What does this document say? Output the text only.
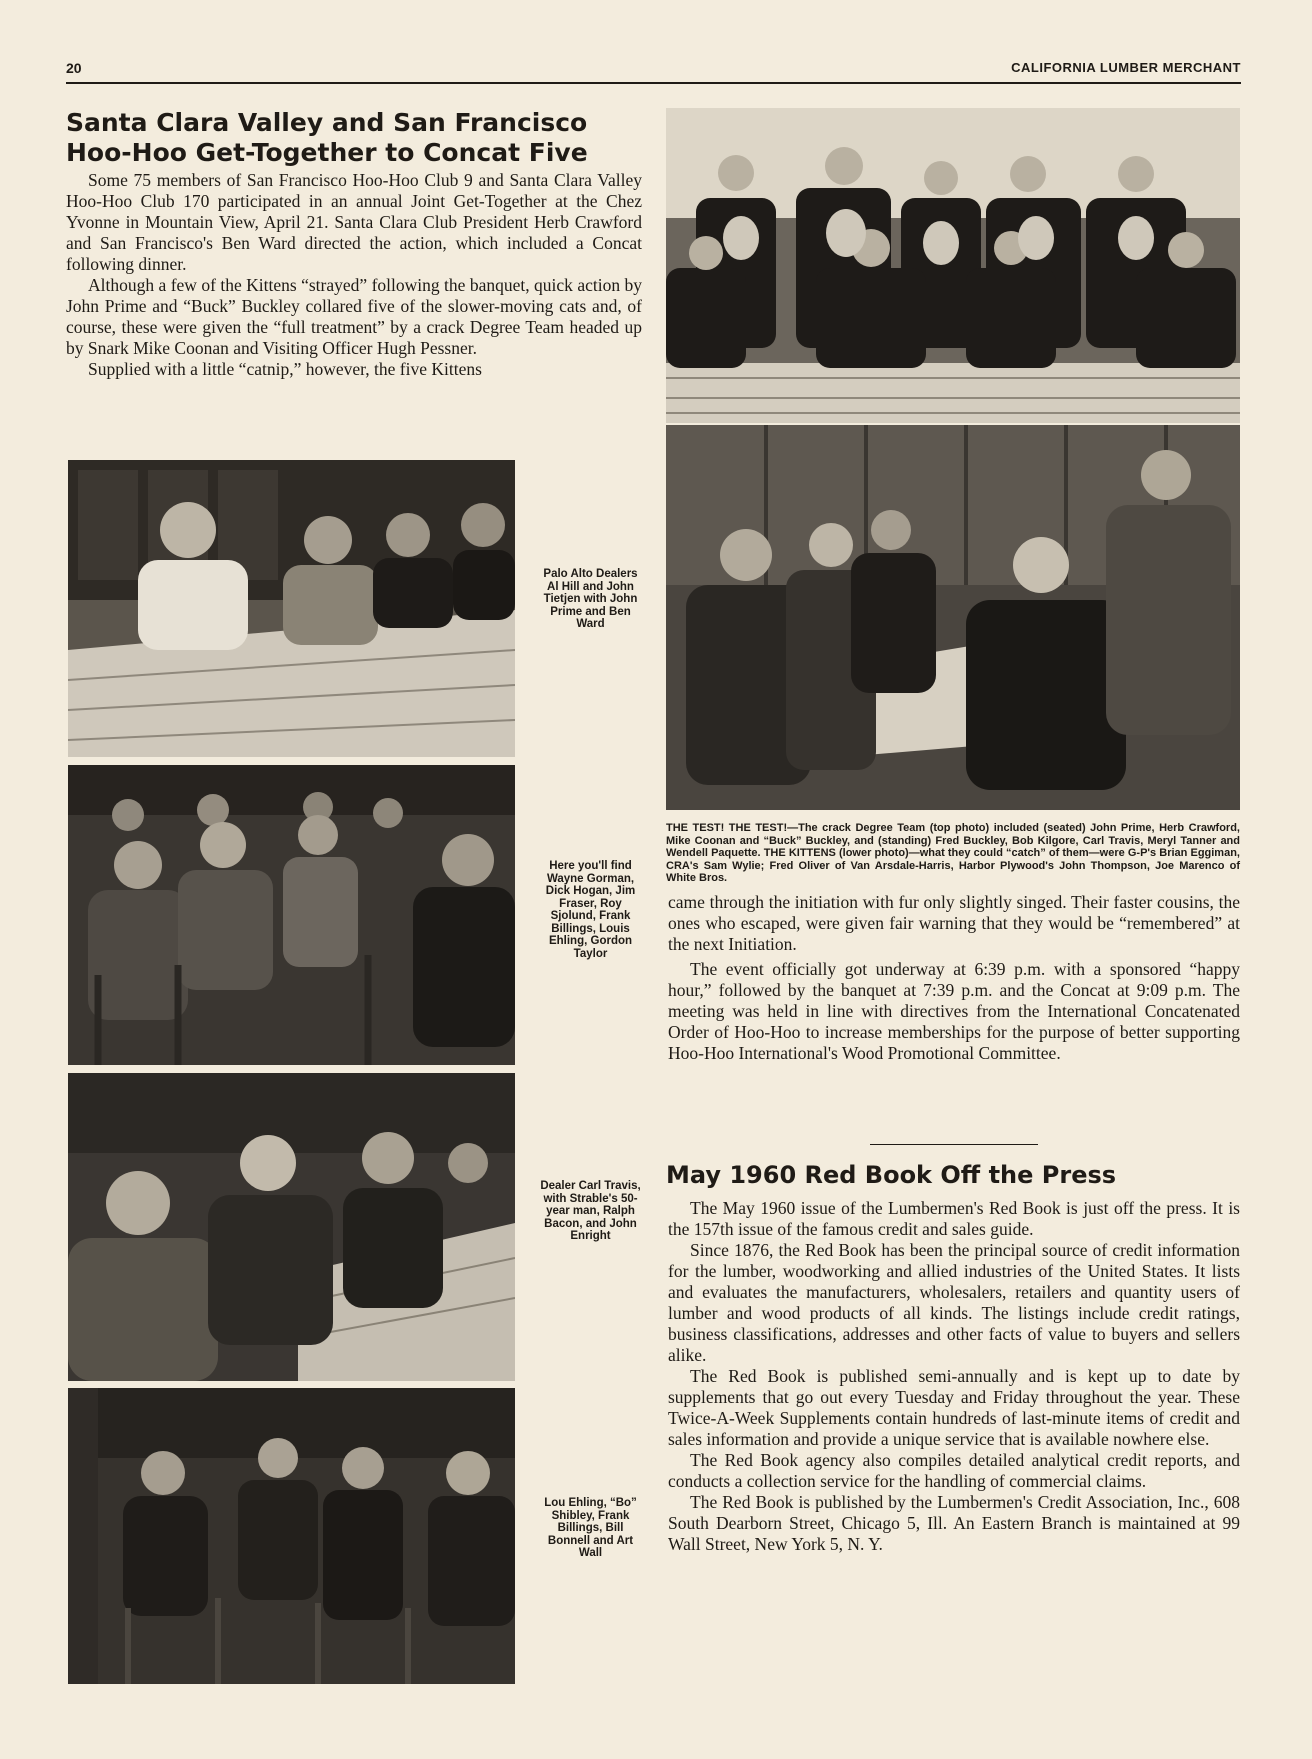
20	CALIFORNIA LUMBER MERCHANT
Santa Clara Valley and San Francisco Hoo-Hoo Get-Together to Concat Five

Some 75 members of San Francisco Hoo-Hoo Club 9 and Santa Clara Valley Hoo-Hoo Club 170 participated in an annual Joint Get-Together at the Chez Yvonne in Mountain View, April 21. Santa Clara Club President Herb Crawford and San Francisco's Ben Ward directed the action, which included a Concat following dinner.

Although a few of the Kittens “strayed” following the banquet, quick action by John Prime and “Buck” Buckley collared five of the slower-moving cats and, of course, these were given the “full treatment” by a crack Degree Team headed up by Snark Mike Coonan and Visiting Officer Hugh Pessner.

Supplied with a little “catnip,” however, the five Kittens

Palo Alto Dealers Al Hill and John Tietjen with John Prime and Ben Ward
Here you'll find Wayne Gorman, Dick Hogan, Jim Fraser, Roy Sjolund, Frank Billings, Louis Ehling, Gordon Taylor
Dealer Carl Travis, with Strable's 50-year man, Ralph Bacon, and John Enright
Lou Ehling, “Bo” Shibley, Frank Billings, Bill Bonnell and Art Wall

THE TEST! THE TEST!—The crack Degree Team (top photo) included (seated) John Prime, Herb Crawford, Mike Coonan and “Buck” Buckley, and (standing) Fred Buckley, Bob Kilgore, Carl Travis, Meryl Tanner and Wendell Paquette. THE KITTENS (lower photo)—what they could “catch” of them—were G-P's Brian Eggiman, CRA's Sam Wylie; Fred Oliver of Van Arsdale-Harris, Harbor Plywood's John Thompson, Joe Marenco of White Bros.

came through the initiation with fur only slightly singed. Their faster cousins, the ones who escaped, were given fair warning that they would be “remembered” at the next Initiation.

The event officially got underway at 6:39 p.m. with a sponsored “happy hour,” followed by the banquet at 7:39 p.m. and the Concat at 9:09 p.m. The meeting was held in line with directives from the International Concatenated Order of Hoo-Hoo to increase memberships for the purpose of better supporting Hoo-Hoo International's Wood Promotional Committee.

May 1960 Red Book Off the Press

The May 1960 issue of the Lumbermen's Red Book is just off the press. It is the 157th issue of the famous credit and sales guide.

Since 1876, the Red Book has been the principal source of credit information for the lumber, woodworking and allied industries of the United States. It lists and evaluates the manufacturers, wholesalers, retailers and quantity users of lumber and wood products of all kinds. The listings include credit ratings, business classifications, addresses and other facts of value to buyers and sellers alike.

The Red Book is published semi-annually and is kept up to date by supplements that go out every Tuesday and Friday throughout the year. These Twice-A-Week Supplements contain hundreds of last-minute items of credit and sales information and provide a unique service that is available nowhere else.

The Red Book agency also compiles detailed analytical credit reports, and conducts a collection service for the handling of commercial claims.

The Red Book is published by the Lumbermen's Credit Association, Inc., 608 South Dearborn Street, Chicago 5, Ill. An Eastern Branch is maintained at 99 Wall Street, New York 5, N. Y.
